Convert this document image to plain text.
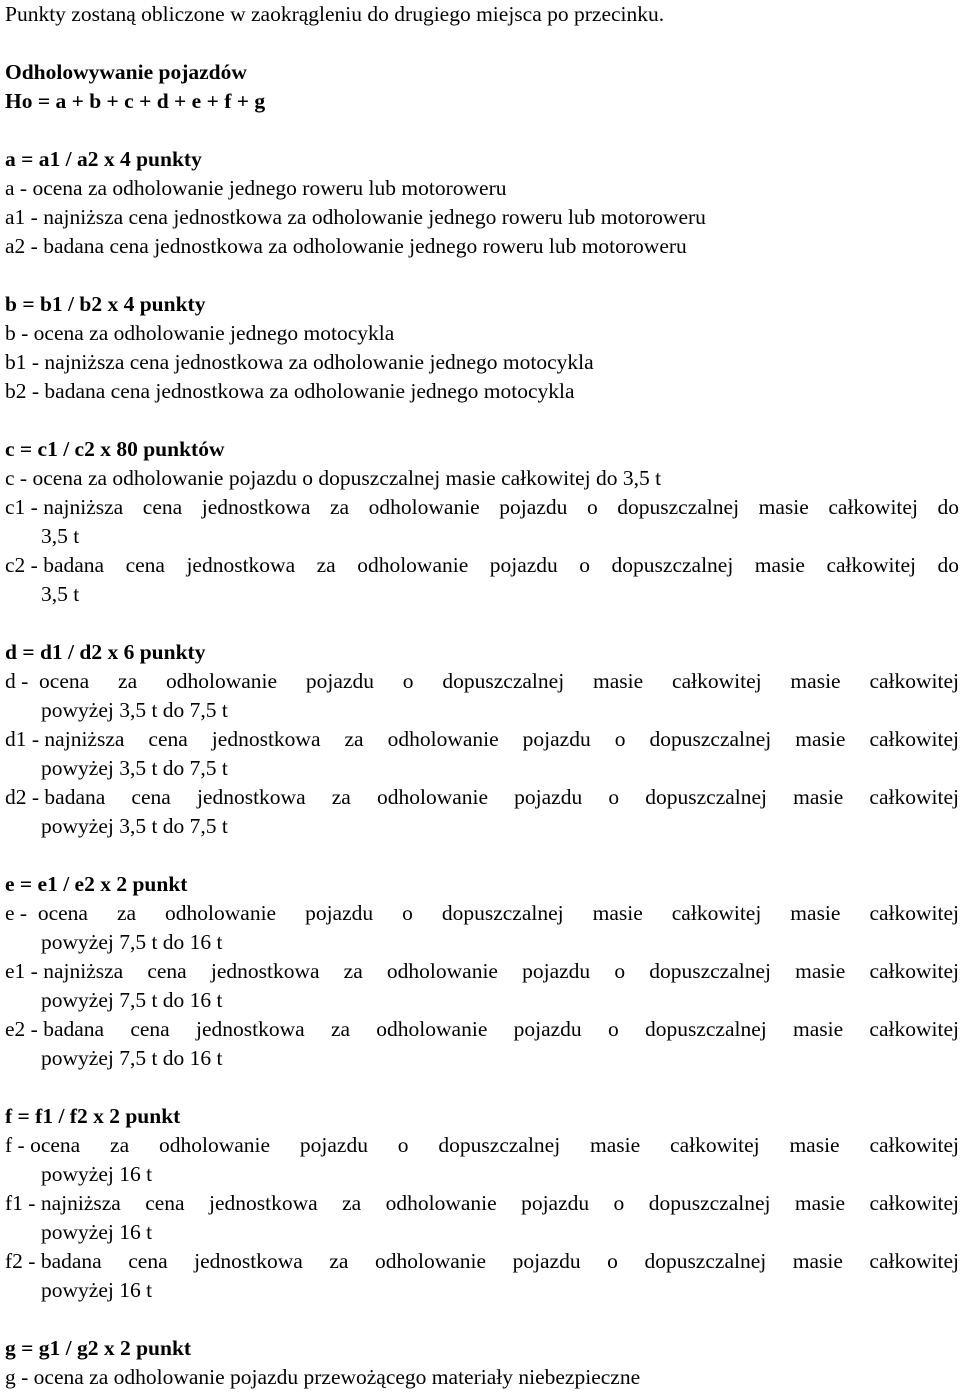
Punkty zostaną obliczone w zaokrągleniu do drugiego miejsca po przecinku.
Odholowywanie pojazdów
Ho = a + b + c + d + e + f + g
a = a1 / a2 x 4 punkty
a - ocena za odholowanie jednego roweru lub motoroweru
a1 - najniższa cena jednostkowa za odholowanie jednego roweru lub motoroweru
a2 - badana cena jednostkowa za odholowanie jednego roweru lub motoroweru
b = b1 / b2 x 4 punkty
b - ocena za odholowanie jednego motocykla
b1 - najniższa cena jednostkowa za odholowanie jednego motocykla
b2 - badana cena jednostkowa za odholowanie jednego motocykla
c = c1 / c2 x 80 punktów
c - ocena za odholowanie pojazdu o dopuszczalnej masie całkowitej do 3,5 t
c1 - najniższa cena jednostkowa za odholowanie pojazdu o dopuszczalnej masie całkowitej do
3,5 t
c2 - badana cena jednostkowa za odholowanie pojazdu o dopuszczalnej masie całkowitej do
3,5 t
d = d1 / d2 x 6 punkty
d - ocena za odholowanie pojazdu o dopuszczalnej masie całkowitej masie całkowitej
powyżej 3,5 t do 7,5 t
d1 - najniższa cena jednostkowa za odholowanie pojazdu o dopuszczalnej masie całkowitej
powyżej 3,5 t do 7,5 t
d2 - badana cena jednostkowa za odholowanie pojazdu o dopuszczalnej masie całkowitej
powyżej 3,5 t do 7,5 t
e = e1 / e2 x 2 punkt
e - ocena za odholowanie pojazdu o dopuszczalnej masie całkowitej masie całkowitej
powyżej 7,5 t do 16 t
e1 - najniższa cena jednostkowa za odholowanie pojazdu o dopuszczalnej masie całkowitej
powyżej 7,5 t do 16 t
e2 - badana cena jednostkowa za odholowanie pojazdu o dopuszczalnej masie całkowitej
powyżej 7,5 t do 16 t
f = f1 / f2 x 2 punkt
f - ocena za odholowanie pojazdu o dopuszczalnej masie całkowitej masie całkowitej
powyżej 16 t
f1 - najniższa cena jednostkowa za odholowanie pojazdu o dopuszczalnej masie całkowitej
powyżej 16 t
f2 - badana cena jednostkowa za odholowanie pojazdu o dopuszczalnej masie całkowitej
powyżej 16 t
g = g1 / g2 x 2 punkt
g - ocena za odholowanie pojazdu przewożącego materiały niebezpieczne
